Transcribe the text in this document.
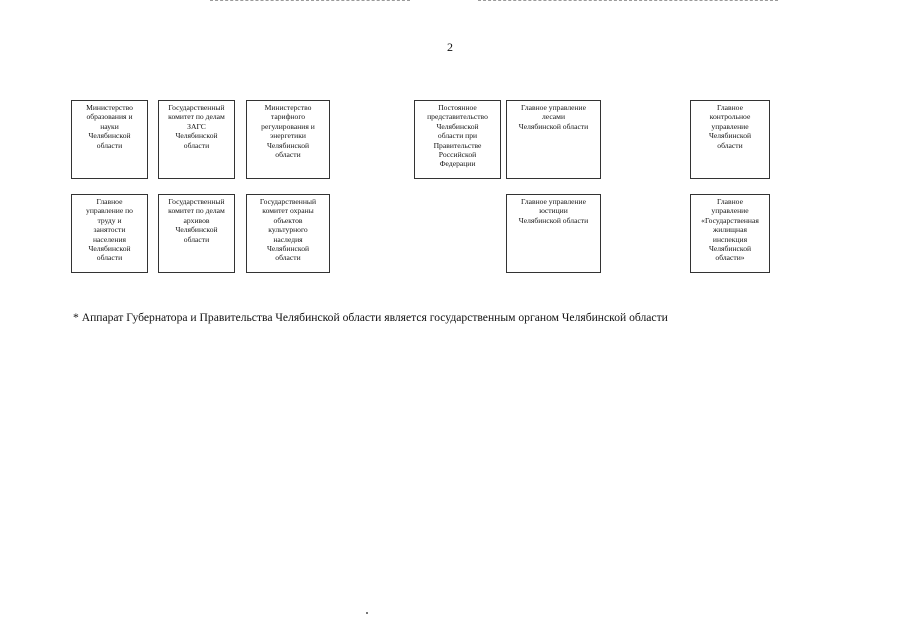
2
Министерство
образования и
науки
Челябинской
области
Государственный
комитет по делам
ЗАГС
Челябинской
области
Министерство
тарифного
регулирования и
энергетики
Челябинской
области
Постоянное
представительство
Челябинской
области при
Правительстве
Российской
Федерации
Главное управление
лесами
Челябинской области
Главное
контрольное
управление
Челябинской
области
Главное
управление по
труду и
занятости
населения
Челябинской
области
Государственный
комитет по делам
архивов
Челябинской
области
Государственный
комитет охраны
объектов
культурного
наследия
Челябинской
области
Главное управление
юстиции
Челябинской области
Главное
управление
«Государственная
жилищная
инспекция
Челябинской
области»
* Аппарат Губернатора и Правительства Челябинской области является государственным органом Челябинской области
